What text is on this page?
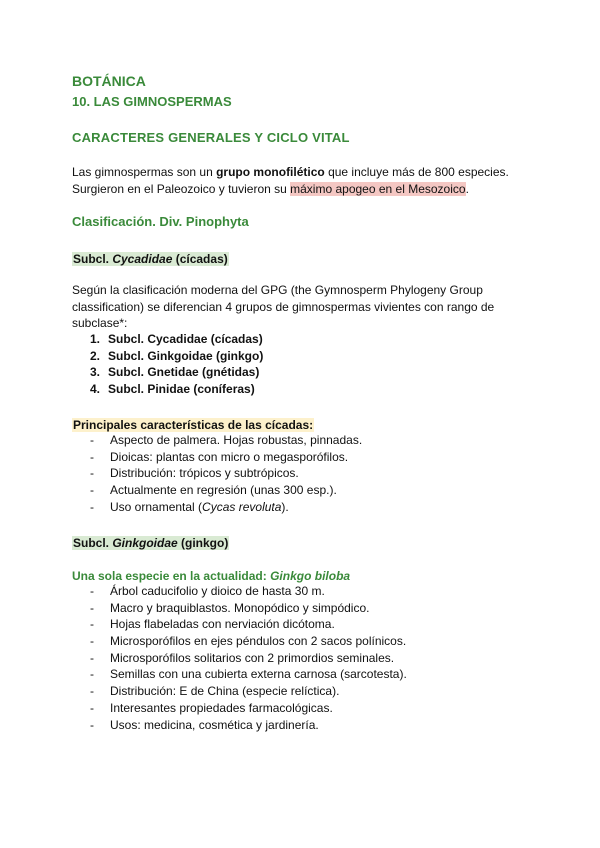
BOTÁNICA
10. LAS GIMNOSPERMAS
CARACTERES GENERALES Y CICLO VITAL
Las gimnospermas son un grupo monofilético que incluye más de 800 especies.
Surgieron en el Paleozoico y tuvieron su máximo apogeo en el Mesozoico.
Clasificación. Div. Pinophyta
Subcl. Cycadidae (cícadas)
Según la clasificación moderna del GPG (the Gymnosperm Phylogeny Group classification) se diferencian 4 grupos de gimnospermas vivientes con rango de subclase*:
1. Subcl. Cycadidae (cícadas)
2. Subcl. Ginkgoidae (ginkgo)
3. Subcl. Gnetidae (gnétidas)
4. Subcl. Pinidae (coníferas)
Principales características de las cícadas:
- Aspecto de palmera. Hojas robustas, pinnadas.
- Dioicas: plantas con micro o megasporófilos.
- Distribución: trópicos y subtrópicos.
- Actualmente en regresión (unas 300 esp.).
- Uso ornamental (Cycas revoluta).
Subcl. Ginkgoidae (ginkgo)
Una sola especie en la actualidad: Ginkgo biloba
- Árbol caducifolio y dioico de hasta 30 m.
- Macro y braquiblastos. Monopódico y simpódico.
- Hojas flabeladas con nerviación dicótoma.
- Microsporófilos en ejes péndulos con 2 sacos polínicos.
- Microsporófilos solitarios con 2 primordios seminales.
- Semillas con una cubierta externa carnosa (sarcotesta).
- Distribución: E de China (especie relíctica).
- Interesantes propiedades farmacológicas.
- Usos: medicina, cosmética y jardinería.
